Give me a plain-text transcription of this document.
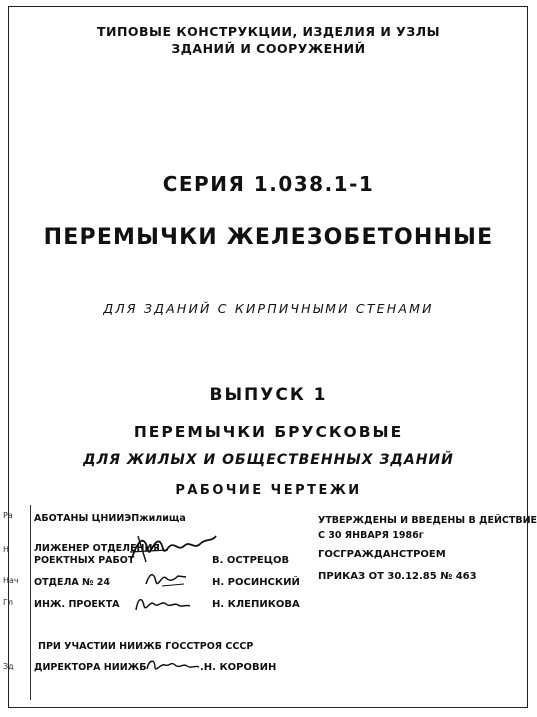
ТИПОВЫЕ КОНСТРУКЦИИ, ИЗДЕЛИЯ И УЗЛЫ
ЗДАНИЙ И СООРУЖЕНИЙ
СЕРИЯ 1.038.1-1
ПЕРЕМЫЧКИ ЖЕЛЕЗОБЕТОННЫЕ
ДЛЯ ЗДАНИЙ С КИРПИЧНЫМИ СТЕНАМИ
ВЫПУСК 1
ПЕРЕМЫЧКИ БРУСКОВЫЕ
ДЛЯ ЖИЛЫХ И ОБЩЕСТВЕННЫХ ЗДАНИЙ
РАБОЧИЕ ЧЕРТЕЖИ
Ра
Н
Нач
Гл
Зд
АБОТАНЫ ЦНИИЭПжилища
ЛИЖЕНЕР ОТДЕЛЕНИЯ
РОЕКТНЫХ РАБОТ	В. ОСТРЕЦОВ
ОТДЕЛА № 24	Н. РОСИНСКИЙ
ИНЖ. ПРОЕКТА	Н. КЛЕПИКОВА
УТВЕРЖДЕНЫ И ВВЕДЕНЫ В ДЕЙСТВИЕ
С 30 ЯНВАРЯ 1986г
ГОСГРАЖДАНСТРОЕМ
ПРИКАЗ ОТ 30.12.85 № 463
ПРИ УЧАСТИИ НИИЖБ ГОССТРОЯ СССР
ДИРЕКТОРА НИИЖБ	.Н. КОРОВИН
